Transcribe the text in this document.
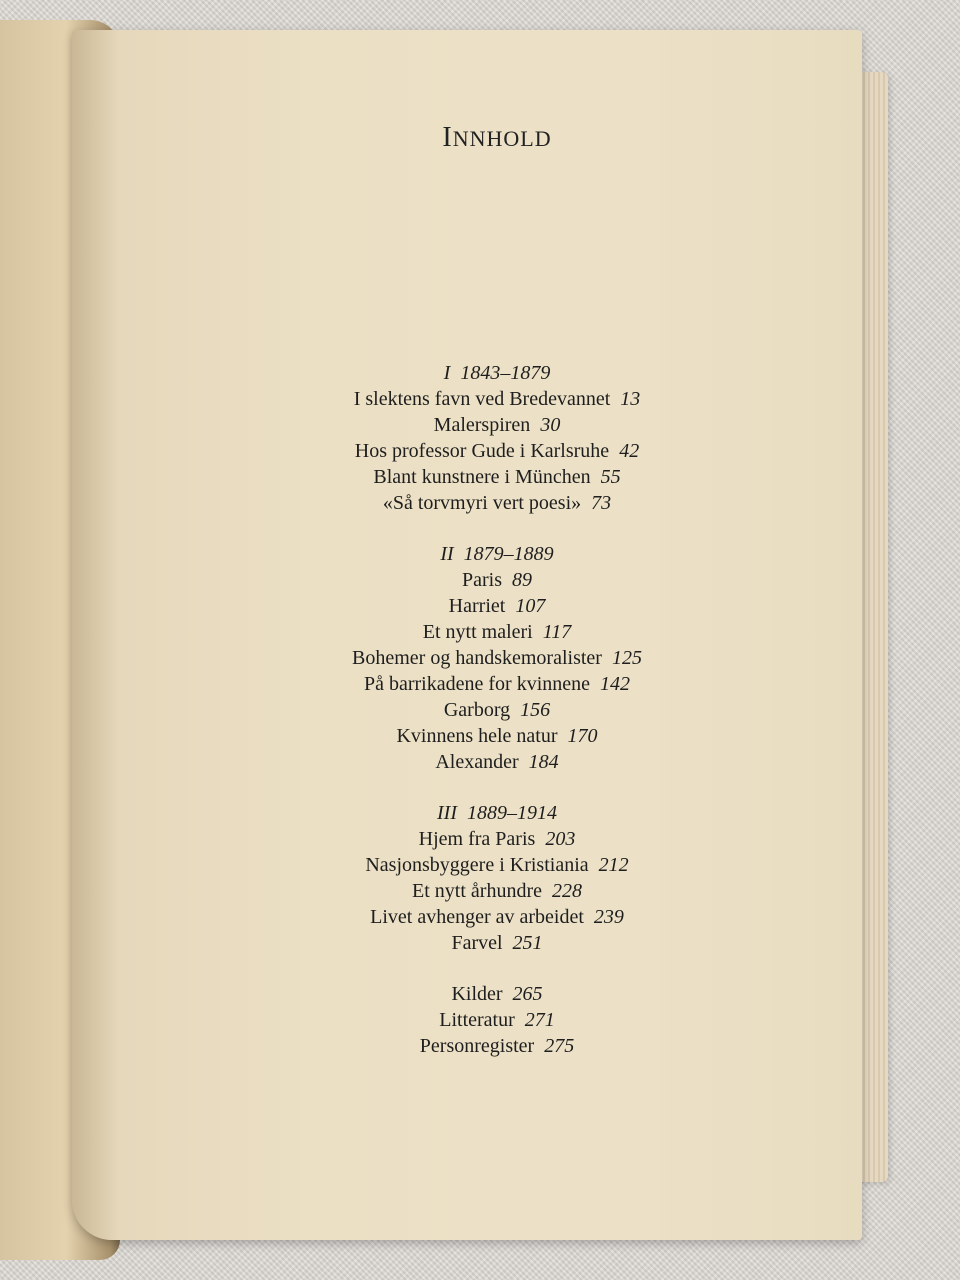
INNHOLD
I 1843–1879
I slektens favn ved Bredevannet 13
Malerspiren 30
Hos professor Gude i Karlsruhe 42
Blant kunstnere i München 55
«Så torvmyri vert poesi» 73
II 1879–1889
Paris 89
Harriet 107
Et nytt maleri 117
Bohemer og handskemoralister 125
På barrikadene for kvinnene 142
Garborg 156
Kvinnens hele natur 170
Alexander 184
III 1889–1914
Hjem fra Paris 203
Nasjonsbyggere i Kristiania 212
Et nytt århundre 228
Livet avhenger av arbeidet 239
Farvel 251
Kilder 265
Litteratur 271
Personregister 275
